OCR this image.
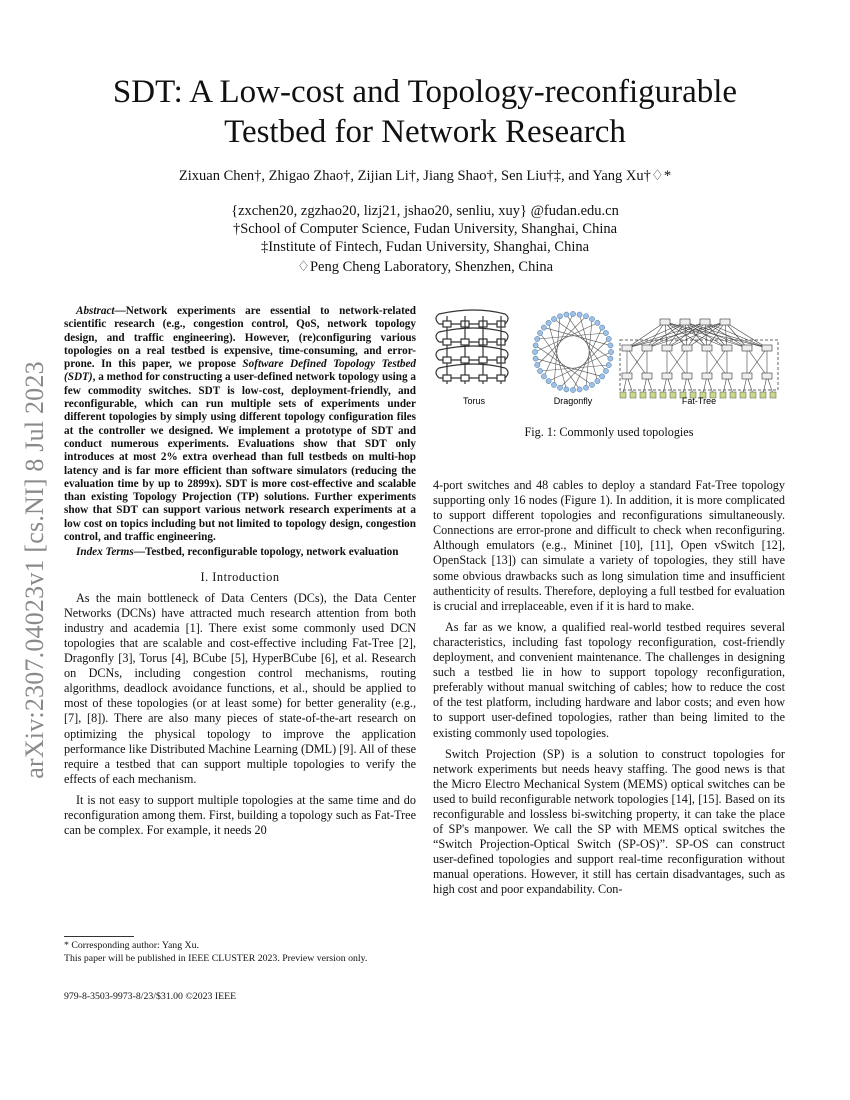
arXiv:2307.04023v1 [cs.NI] 8 Jul 2023
SDT: A Low-cost and Topology-reconfigurable
Testbed for Network Research
Zixuan Chen†, Zhigao Zhao†, Zijian Li†, Jiang Shao†, Sen Liu†‡, and Yang Xu†♢*
{zxchen20, zgzhao20, lizj21, jshao20, senliu, xuy} @fudan.edu.cn
†School of Computer Science, Fudan University, Shanghai, China
‡Institute of Fintech, Fudan University, Shanghai, China
♢Peng Cheng Laboratory, Shenzhen, China

Abstract—Network experiments are essential to network-related scientific research (e.g., congestion control, QoS, network topology design, and traffic engineering). However, (re)configuring various topologies on a real testbed is expensive, time-consuming, and error-prone. In this paper, we propose Software Defined Topology Testbed (SDT), a method for constructing a user-defined network topology using a few commodity switches. SDT is low-cost, deployment-friendly, and reconfigurable, which can run multiple sets of experiments under different topologies by simply using different topology configuration files at the controller we designed. We implement a prototype of SDT and conduct numerous experiments. Evaluations show that SDT only introduces at most 2% extra overhead than full testbeds on multi-hop latency and is far more efficient than software simulators (reducing the evaluation time by up to 2899x). SDT is more cost-effective and scalable than existing Topology Projection (TP) solutions. Further experiments show that SDT can support various network research experiments at a low cost on topics including but not limited to topology design, congestion control, and traffic engineering.

Index Terms—Testbed, reconfigurable topology, network evaluation

I. Introduction

As the main bottleneck of Data Centers (DCs), the Data Center Networks (DCNs) have attracted much research attention from both industry and academia [1]. There exist some commonly used DCN topologies that are scalable and cost-effective including Fat-Tree [2], Dragonfly [3], Torus [4], BCube [5], HyperBCube [6], et al. Research on DCNs, including congestion control mechanisms, routing algorithms, deadlock avoidance functions, et al., should be applied to most of these topologies (or at least some) for better generality (e.g., [7], [8]). There are also many pieces of state-of-the-art research on optimizing the physical topology to improve the application performance like Distributed Machine Learning (DML) [9]. All of these require a testbed that can support multiple topologies to verify the effects of each mechanism.

It is not easy to support multiple topologies at the same time and do reconfiguration among them. First, building a topology such as Fat-Tree can be complex. For example, it needs 20

* Corresponding author: Yang Xu.
This paper will be published in IEEE CLUSTER 2023. Preview version only.
979-8-3503-9973-8/23/$31.00 ©2023 IEEE
Torus	Dragonfly	Fat-Tree
Fig. 1: Commonly used topologies

4-port switches and 48 cables to deploy a standard Fat-Tree topology supporting only 16 nodes (Figure 1). In addition, it is more complicated to support different topologies and reconfigurations simultaneously. Connections are error-prone and difficult to check when reconfiguring. Although emulators (e.g., Mininet [10], [11], Open vSwitch [12], OpenStack [13]) can simulate a variety of topologies, they still have some obvious drawbacks such as long simulation time and insufficient authenticity of results. Therefore, deploying a full testbed for evaluation is crucial and irreplaceable, even if it is hard to make.

As far as we know, a qualified real-world testbed requires several characteristics, including fast topology reconfiguration, cost-friendly deployment, and convenient maintenance. The challenges in designing such a testbed lie in how to support topology reconfiguration, preferably without manual switching of cables; how to reduce the cost of the test platform, including hardware and labor costs; and even how to support user-defined topologies, rather than being limited to the existing commonly used topologies.

Switch Projection (SP) is a solution to construct topologies for network experiments but needs heavy staffing. The good news is that the Micro Electro Mechanical System (MEMS) optical switches can be used to build reconfigurable network topologies [14], [15]. Based on its reconfigurable and lossless bi-switching property, it can take the place of SP's manpower. We call the SP with MEMS optical switches the “Switch Projection-Optical Switch (SP-OS)”. SP-OS can construct user-defined topologies and support real-time reconfiguration without manual operations. However, it still has certain disadvantages, such as high cost and poor expandability. Con-
